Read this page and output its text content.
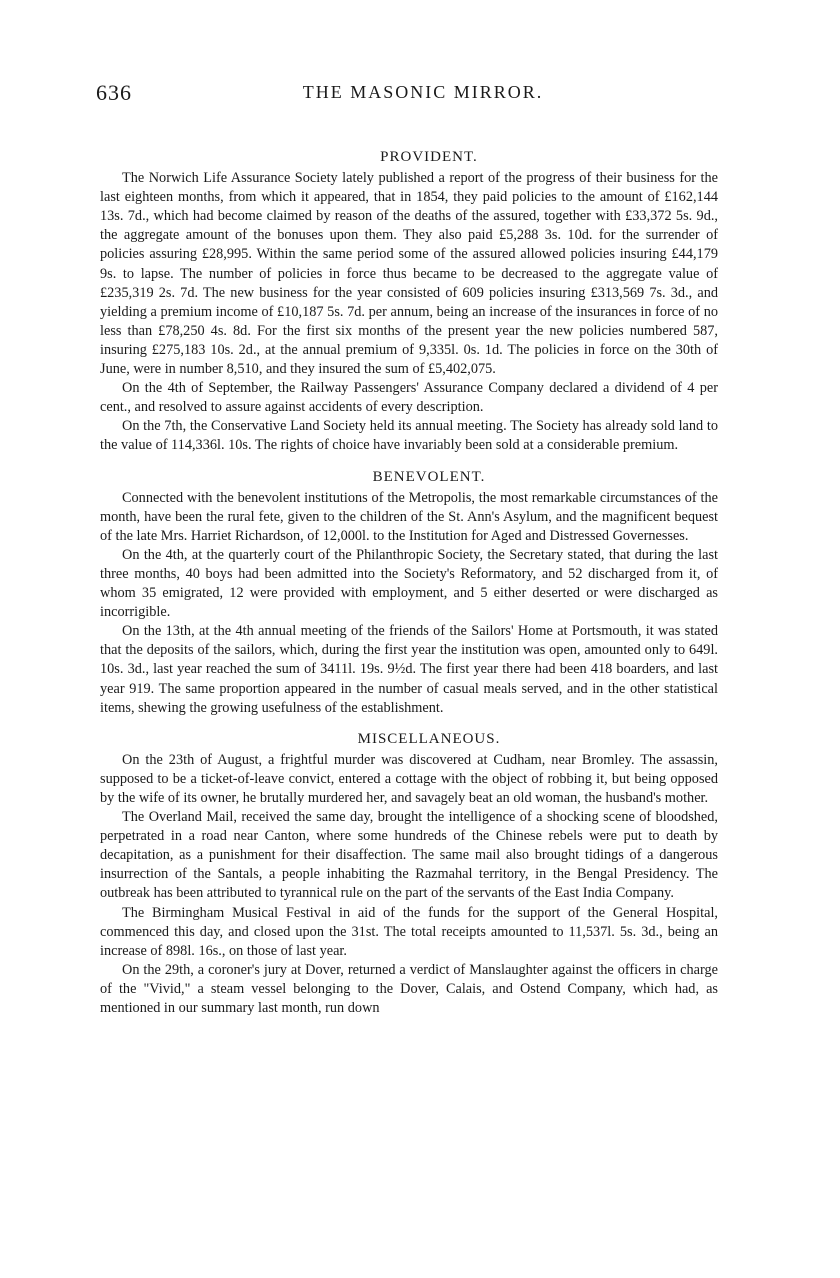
636	THE MASONIC MIRROR.
PROVIDENT.

The Norwich Life Assurance Society lately published a report of the progress of their business for the last eighteen months, from which it appeared, that in 1854, they paid policies to the amount of £162,144 13s. 7d., which had become claimed by reason of the deaths of the assured, together with £33,372 5s. 9d., the aggregate amount of the bonuses upon them. They also paid £5,288 3s. 10d. for the surrender of policies assuring £28,995. Within the same period some of the assured allowed policies insuring £44,179 9s. to lapse. The number of policies in force thus became to be decreased to the aggregate value of £235,319 2s. 7d. The new business for the year consisted of 609 policies insuring £313,569 7s. 3d., and yielding a premium income of £10,187 5s. 7d. per annum, being an increase of the insurances in force of no less than £78,250 4s. 8d. For the first six months of the present year the new policies numbered 587, insuring £275,183 10s. 2d., at the annual premium of 9,335l. 0s. 1d. The policies in force on the 30th of June, were in number 8,510, and they insured the sum of £5,402,075.

On the 4th of September, the Railway Passengers' Assurance Company declared a dividend of 4 per cent., and resolved to assure against accidents of every description.

On the 7th, the Conservative Land Society held its annual meeting. The Society has already sold land to the value of 114,336l. 10s. The rights of choice have invariably been sold at a considerable premium.

BENEVOLENT.

Connected with the benevolent institutions of the Metropolis, the most remarkable circumstances of the month, have been the rural fete, given to the children of the St. Ann's Asylum, and the magnificent bequest of the late Mrs. Harriet Richardson, of 12,000l. to the Institution for Aged and Distressed Governesses.

On the 4th, at the quarterly court of the Philanthropic Society, the Secretary stated, that during the last three months, 40 boys had been admitted into the Society's Reformatory, and 52 discharged from it, of whom 35 emigrated, 12 were provided with employment, and 5 either deserted or were discharged as incorrigible.

On the 13th, at the 4th annual meeting of the friends of the Sailors' Home at Portsmouth, it was stated that the deposits of the sailors, which, during the first year the institution was open, amounted only to 649l. 10s. 3d., last year reached the sum of 3411l. 19s. 9½d. The first year there had been 418 boarders, and last year 919. The same proportion appeared in the number of casual meals served, and in the other statistical items, shewing the growing usefulness of the establishment.

MISCELLANEOUS.

On the 23th of August, a frightful murder was discovered at Cudham, near Bromley. The assassin, supposed to be a ticket-of-leave convict, entered a cottage with the object of robbing it, but being opposed by the wife of its owner, he brutally murdered her, and savagely beat an old woman, the husband's mother.

The Overland Mail, received the same day, brought the intelligence of a shocking scene of bloodshed, perpetrated in a road near Canton, where some hundreds of the Chinese rebels were put to death by decapitation, as a punishment for their disaffection. The same mail also brought tidings of a dangerous insurrection of the Santals, a people inhabiting the Razmahal territory, in the Bengal Presidency. The outbreak has been attributed to tyrannical rule on the part of the servants of the East India Company.

The Birmingham Musical Festival in aid of the funds for the support of the General Hospital, commenced this day, and closed upon the 31st. The total receipts amounted to 11,537l. 5s. 3d., being an increase of 898l. 16s., on those of last year.

On the 29th, a coroner's jury at Dover, returned a verdict of Manslaughter against the officers in charge of the "Vivid," a steam vessel belonging to the Dover, Calais, and Ostend Company, which had, as mentioned in our summary last month, run down
